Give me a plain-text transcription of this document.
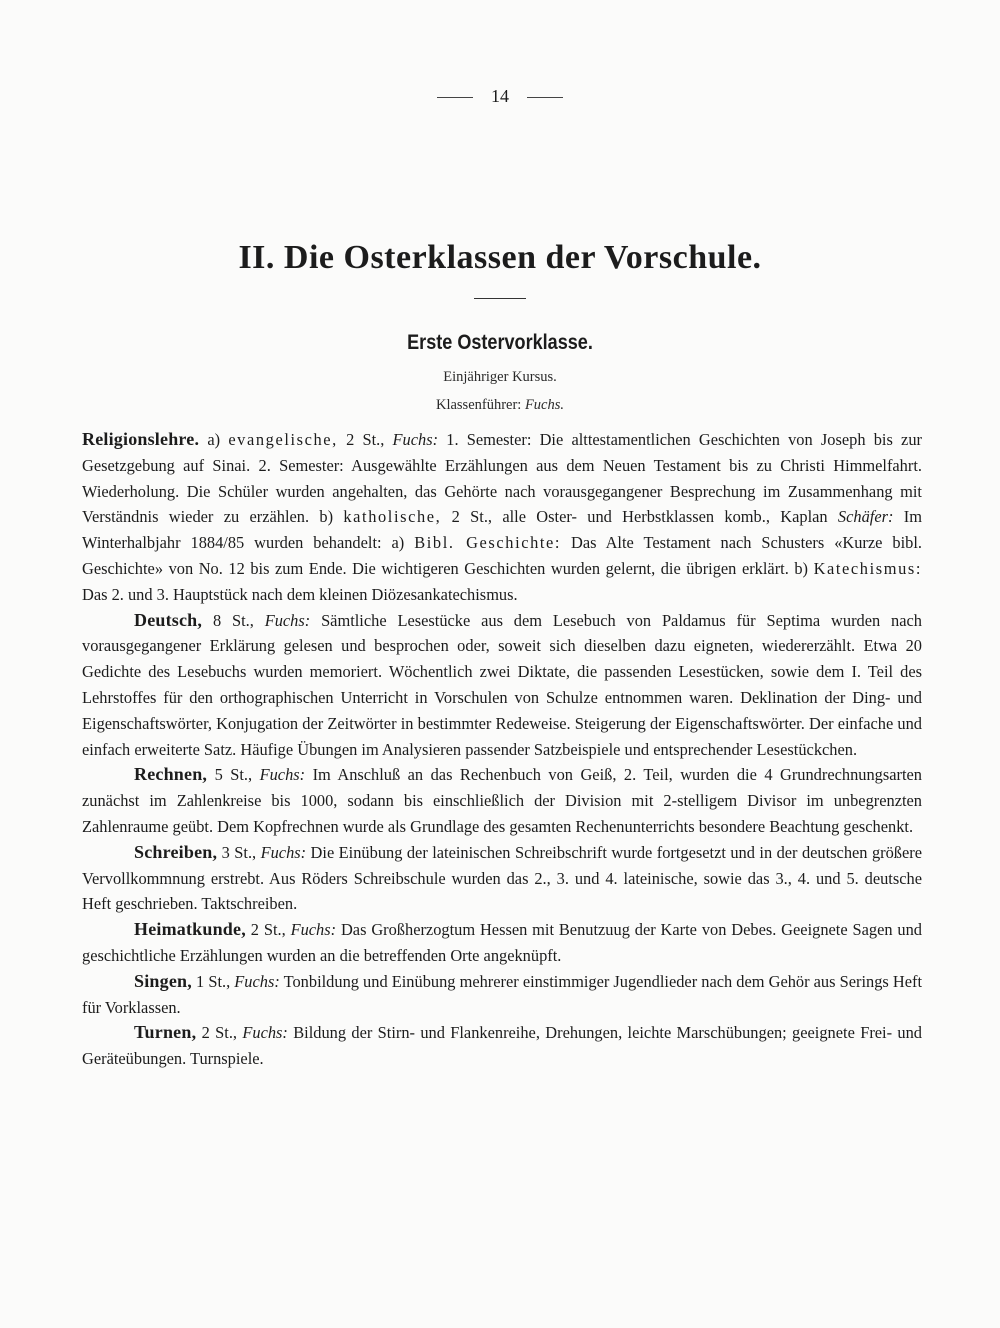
14
II. Die Osterklassen der Vorschule.
Erste Ostervorklasse.
Einjähriger Kursus.
Klassenführer: Fuchs.

Religionslehre. a) evangelische, 2 St., Fuchs: 1. Semester: Die alttestamentlichen Geschichten von Joseph bis zur Gesetzgebung auf Sinai. 2. Semester: Ausgewählte Erzählungen aus dem Neuen Testament bis zu Christi Himmelfahrt. Wiederholung. Die Schüler wurden angehalten, das Gehörte nach vorausgegangener Besprechung im Zusammenhang mit Verständnis wieder zu erzählen. b) katholische, 2 St., alle Oster- und Herbstklassen komb., Kaplan Schäfer: Im Winterhalbjahr 1884/85 wurden behandelt: a) Bibl. Geschichte: Das Alte Testament nach Schusters «Kurze bibl. Geschichte» von No. 12 bis zum Ende. Die wichtigeren Geschichten wurden gelernt, die übrigen erklärt. b) Katechismus: Das 2. und 3. Hauptstück nach dem kleinen Diözesankatechismus.

Deutsch, 8 St., Fuchs: Sämtliche Lesestücke aus dem Lesebuch von Paldamus für Septima wurden nach vorausgegangener Erklärung gelesen und besprochen oder, soweit sich dieselben dazu eigneten, wiedererzählt. Etwa 20 Gedichte des Lesebuchs wurden memoriert. Wöchentlich zwei Diktate, die passenden Lesestücken, sowie dem I. Teil des Lehrstoffes für den orthographischen Unterricht in Vorschulen von Schulze entnommen waren. Deklination der Ding- und Eigenschaftswörter, Konjugation der Zeitwörter in bestimmter Redeweise. Steigerung der Eigenschaftswörter. Der einfache und einfach erweiterte Satz. Häufige Übungen im Analysieren passender Satzbeispiele und entsprechender Lesestückchen.

Rechnen, 5 St., Fuchs: Im Anschluß an das Rechenbuch von Geiß, 2. Teil, wurden die 4 Grundrechnungsarten zunächst im Zahlenkreise bis 1000, sodann bis einschließlich der Division mit 2-stelligem Divisor im unbegrenzten Zahlenraume geübt. Dem Kopfrechnen wurde als Grundlage des gesamten Rechenunterrichts besondere Beachtung geschenkt.

Schreiben, 3 St., Fuchs: Die Einübung der lateinischen Schreibschrift wurde fortgesetzt und in der deutschen größere Vervollkommnung erstrebt. Aus Röders Schreibschule wurden das 2., 3. und 4. lateinische, sowie das 3., 4. und 5. deutsche Heft geschrieben. Taktschreiben.

Heimatkunde, 2 St., Fuchs: Das Großherzogtum Hessen mit Benutzuug der Karte von Debes. Geeignete Sagen und geschichtliche Erzählungen wurden an die betreffenden Orte angeknüpft.

Singen, 1 St., Fuchs: Tonbildung und Einübung mehrerer einstimmiger Jugendlieder nach dem Gehör aus Serings Heft für Vorklassen.

Turnen, 2 St., Fuchs: Bildung der Stirn- und Flankenreihe, Drehungen, leichte Marschübungen; geeignete Frei- und Geräteübungen. Turnspiele.
